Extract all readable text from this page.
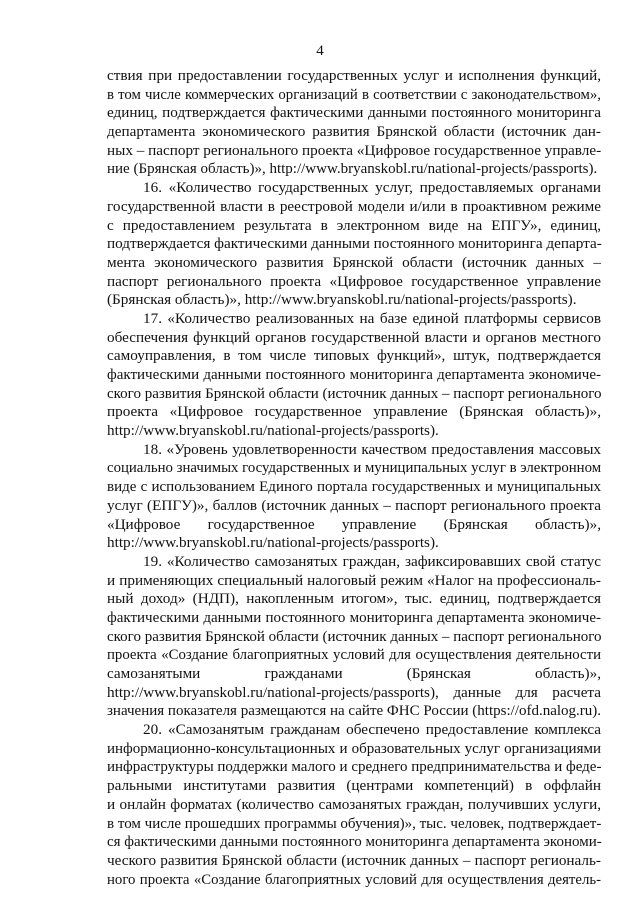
4
ствия при предоставлении государственных услуг и исполнения функций,
в том числе коммерческих организаций в соответствии с законодательством»,
единиц, подтверждается фактическими данными постоянного мониторинга
департамента экономического развития Брянской области (источник дан-
ных – паспорт регионального проекта «Цифровое государственное управле-
ние (Брянская область)», http://www.bryanskobl.ru/national-projects/passports).
16. «Количество государственных услуг, предоставляемых органами
государственной власти в реестровой модели и/или в проактивном режиме
с предоставлением результата в электронном виде на ЕПГУ», единиц,
подтверждается фактическими данными постоянного мониторинга департа-
мента экономического развития Брянской области (источник данных –
паспорт регионального проекта «Цифровое государственное управление
(Брянская область)», http://www.bryanskobl.ru/national-projects/passports).
17. «Количество реализованных на базе единой платформы сервисов
обеспечения функций органов государственной власти и органов местного
самоуправления, в том числе типовых функций», штук, подтверждается
фактическими данными постоянного мониторинга департамента экономиче-
ского развития Брянской области (источник данных – паспорт регионального
проекта «Цифровое государственное управление (Брянская область)»,
http://www.bryanskobl.ru/national-projects/passports).
18. «Уровень удовлетворенности качеством предоставления массовых
социально значимых государственных и муниципальных услуг в электронном
виде с использованием Единого портала государственных и муниципальных
услуг (ЕПГУ)», баллов (источник данных – паспорт регионального проекта
«Цифровое государственное управление (Брянская область)»,
http://www.bryanskobl.ru/national-projects/passports).
19. «Количество самозанятых граждан, зафиксировавших свой статус
и применяющих специальный налоговый режим «Налог на профессиональ-
ный доход» (НДП), накопленным итогом», тыс. единиц, подтверждается
фактическими данными постоянного мониторинга департамента экономиче-
ского развития Брянской области (источник данных – паспорт регионального
проекта «Создание благоприятных условий для осуществления деятельности
самозанятыми гражданами (Брянская область)»,
http://www.bryanskobl.ru/national-projects/passports), данные для расчета
значения показателя размещаются на сайте ФНС России (https://ofd.nalog.ru).
20. «Самозанятым гражданам обеспечено предоставление комплекса
информационно-консультационных и образовательных услуг организациями
инфраструктуры поддержки малого и среднего предпринимательства и феде-
ральными институтами развития (центрами компетенций) в оффлайн
и онлайн форматах (количество самозанятых граждан, получивших услуги,
в том числе прошедших программы обучения)», тыс. человек, подтверждает-
ся фактическими данными постоянного мониторинга департамента экономи-
ческого развития Брянской области (источник данных – паспорт региональ-
ного проекта «Создание благоприятных условий для осуществления деятель-
